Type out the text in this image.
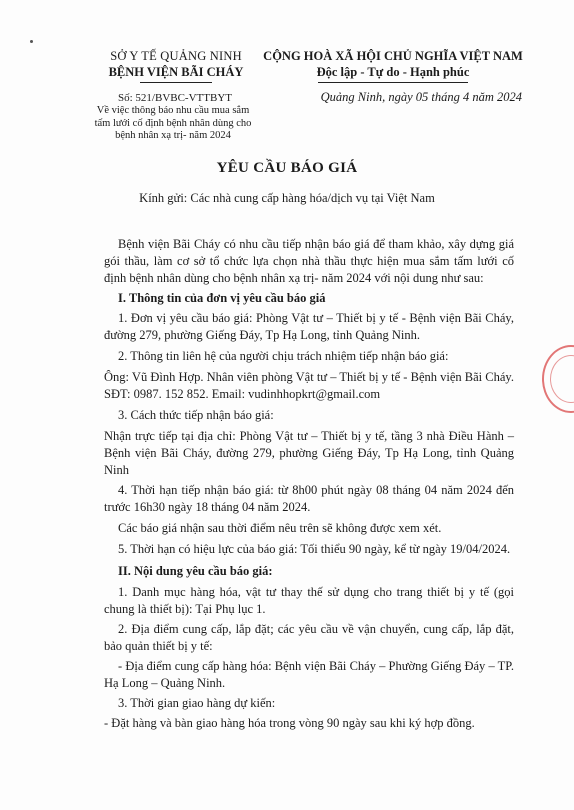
SỞ Y TẾ QUẢNG NINH
BỆNH VIỆN BÃI CHÁY
CỘNG HOÀ XÃ HỘI CHỦ NGHĨA VIỆT NAM
Độc lập - Tự do - Hạnh phúc
Số: 521/BVBC-VTTBYT
Về việc thông báo nhu cầu mua sắm tấm lưới cố định bệnh nhân dùng cho bệnh nhân xạ trị- năm 2024
Quảng Ninh, ngày 05 tháng 4 năm 2024
YÊU CẦU BÁO GIÁ
Kính gửi: Các nhà cung cấp hàng hóa/dịch vụ tại Việt Nam

Bệnh viện Bãi Cháy có nhu cầu tiếp nhận báo giá để tham khảo, xây dựng giá gói thầu, làm cơ sở tổ chức lựa chọn nhà thầu thực hiện mua sắm tấm lưới cố định bệnh nhân dùng cho bệnh nhân xạ trị- năm 2024 với nội dung như sau:

I. Thông tin của đơn vị yêu cầu báo giá

1. Đơn vị yêu cầu báo giá: Phòng Vật tư – Thiết bị y tế - Bệnh viện Bãi Cháy, đường 279, phường Giếng Đáy, Tp Hạ Long, tỉnh Quảng Ninh.

2. Thông tin liên hệ của người chịu trách nhiệm tiếp nhận báo giá:

Ông: Vũ Đình Hợp. Nhân viên phòng Vật tư – Thiết bị y tế - Bệnh viện Bãi Cháy. SĐT: 0987. 152 852. Email: vudinhhopkrt@gmail.com

3. Cách thức tiếp nhận báo giá:

Nhận trực tiếp tại địa chỉ: Phòng Vật tư – Thiết bị y tế, tầng 3 nhà Điều Hành – Bệnh viện Bãi Cháy, đường 279, phường Giếng Đáy, Tp Hạ Long, tỉnh Quảng Ninh

4. Thời hạn tiếp nhận báo giá: từ 8h00 phút ngày 08 tháng 04 năm 2024 đến trước 16h30 ngày 18 tháng 04 năm 2024.

Các báo giá nhận sau thời điểm nêu trên sẽ không được xem xét.

5. Thời hạn có hiệu lực của báo giá: Tối thiểu 90 ngày, kể từ ngày 19/04/2024.

II. Nội dung yêu cầu báo giá:

1. Danh mục hàng hóa, vật tư thay thế sử dụng cho trang thiết bị y tế (gọi chung là thiết bị): Tại Phụ lục 1.

2. Địa điểm cung cấp, lắp đặt; các yêu cầu về vận chuyển, cung cấp, lắp đặt, bảo quản thiết bị y tế:

- Địa điểm cung cấp hàng hóa: Bệnh viện Bãi Cháy – Phường Giếng Đáy – TP. Hạ Long – Quảng Ninh.

3. Thời gian giao hàng dự kiến:

- Đặt hàng và bàn giao hàng hóa trong vòng 90 ngày sau khi ký hợp đồng.
